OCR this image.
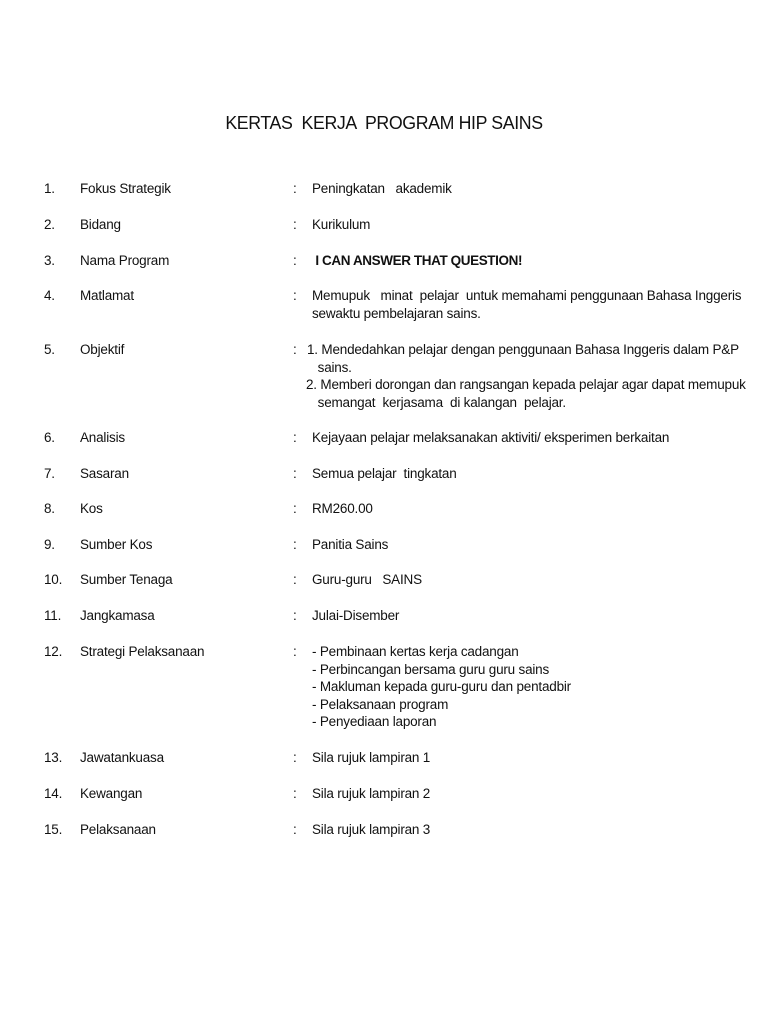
KERTAS  KERJA  PROGRAM HIP SAINS
1. Fokus Strategik	: Peningkatan   akademik
2. Bidang	: Kurikulum
3. Nama Program	: I CAN ANSWER THAT QUESTION!
4. Matlamat	: Memupuk   minat  pelajar  untuk memahami penggunaan Bahasa Inggeris
sewaktu pembelajaran sains.
5. Objektif	: 1. Mendedahkan pelajar dengan penggunaan Bahasa Inggeris dalam P&P
sains.
2. Memberi dorongan dan rangsangan kepada pelajar agar dapat memupuk
semangat  kerjasama  di kalangan  pelajar.
6. Analisis	: Kejayaan pelajar melaksanakan aktiviti/ eksperimen berkaitan
7. Sasaran	: Semua pelajar  tingkatan
8. Kos	: RM260.00
9. Sumber Kos	: Panitia Sains
10. Sumber Tenaga	: Guru-guru   SAINS
11. Jangkamasa	: Julai-Disember
12. Strategi Pelaksanaan	: - Pembinaan kertas kerja cadangan
- Perbincangan bersama guru guru sains
- Makluman kepada guru-guru dan pentadbir
- Pelaksanaan program
- Penyediaan laporan
13. Jawatankuasa	: Sila rujuk lampiran 1
14. Kewangan	: Sila rujuk lampiran 2
15. Pelaksanaan	: Sila rujuk lampiran 3
